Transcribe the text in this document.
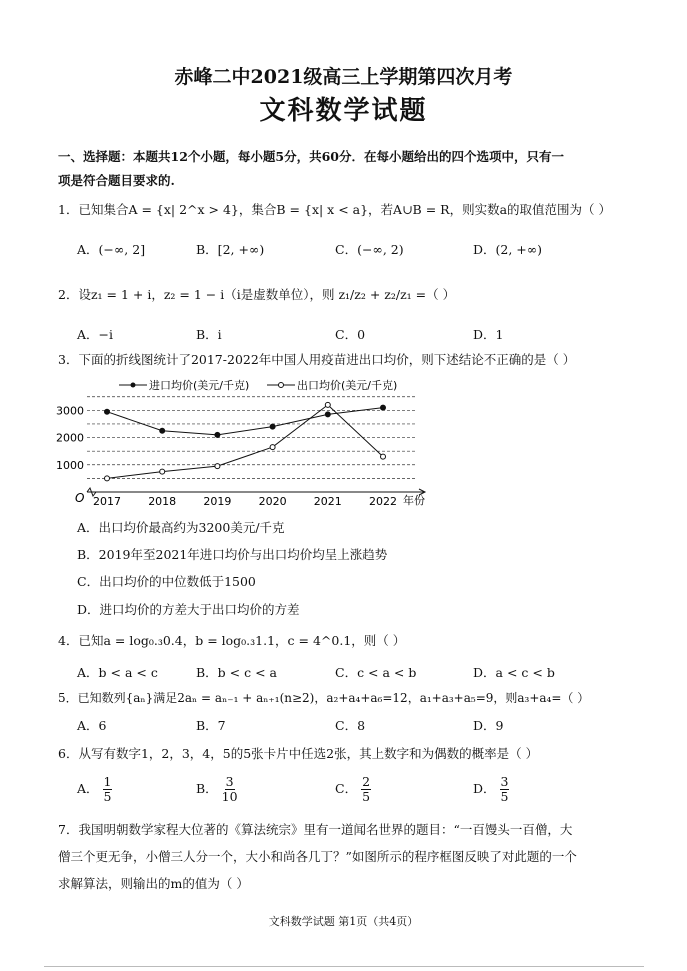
赤峰二中2021级高三上学期第四次月考
文科数学试题
一、选择题：本题共12个小题，每小题5分，共60分．在每小题给出的四个选项中，只有一
项是符合题目要求的.
1．已知集合A = {x| 2^x > 4}，集合B = {x| x < a}，若A∪B = R，则实数a的取值范围为（ ）
A．(−∞, 2]	B．[2, +∞)	C．(−∞, 2)	D．(2, +∞)
2．设z₁ = 1 + i，z₂ = 1 − i（i是虚数单位），则 z₁/z₂ + z₂/z₁ =（ ）
A．−i	B．i	C．0	D．1
3．下面的折线图统计了2017-2022年中国人用疫苗进出口均价，则下述结论不正确的是（ ）
进口均价(美元/千克)	出口均价(美元/千克)
1000
2000
3000
2017 2018 2019 2020 2021 2022
O	年份
A．出口均价最高约为3200美元/千克
B．2019年至2021年进口均价与出口均价均呈上涨趋势
C．出口均价的中位数低于1500
D．进口均价的方差大于出口均价的方差
4．已知a = log₀.₃0.4，b = log₀.₃1.1，c = 4^0.1，则（ ）
A．b < a < c	B．b < c < a	C．c < a < b	D．a < c < b
5．已知数列{aₙ}满足2aₙ = aₙ₋₁ + aₙ₊₁(n≥2)，a₂+a₄+a₆=12，a₁+a₃+a₅=9，则a₃+a₄=（ ）
A．6	B．7	C．8	D．9
6．从写有数字1，2，3，4，5的5张卡片中任选2张，其上数字和为偶数的概率是（ ）
A． $\frac{1}{5}$	B． $\frac{3}{10}$	C． $\frac{2}{5}$	D． $\frac{3}{5}$
7．我国明朝数学家程大位著的《算法统宗》里有一道闻名世界的题目：“一百馒头一百僧，大
僧三个更无争，小僧三人分一个，大小和尚各几丁？”如图所示的程序框图反映了对此题的一个
求解算法，则输出的m的值为（ ）
文科数学试题 第1页（共4页）
